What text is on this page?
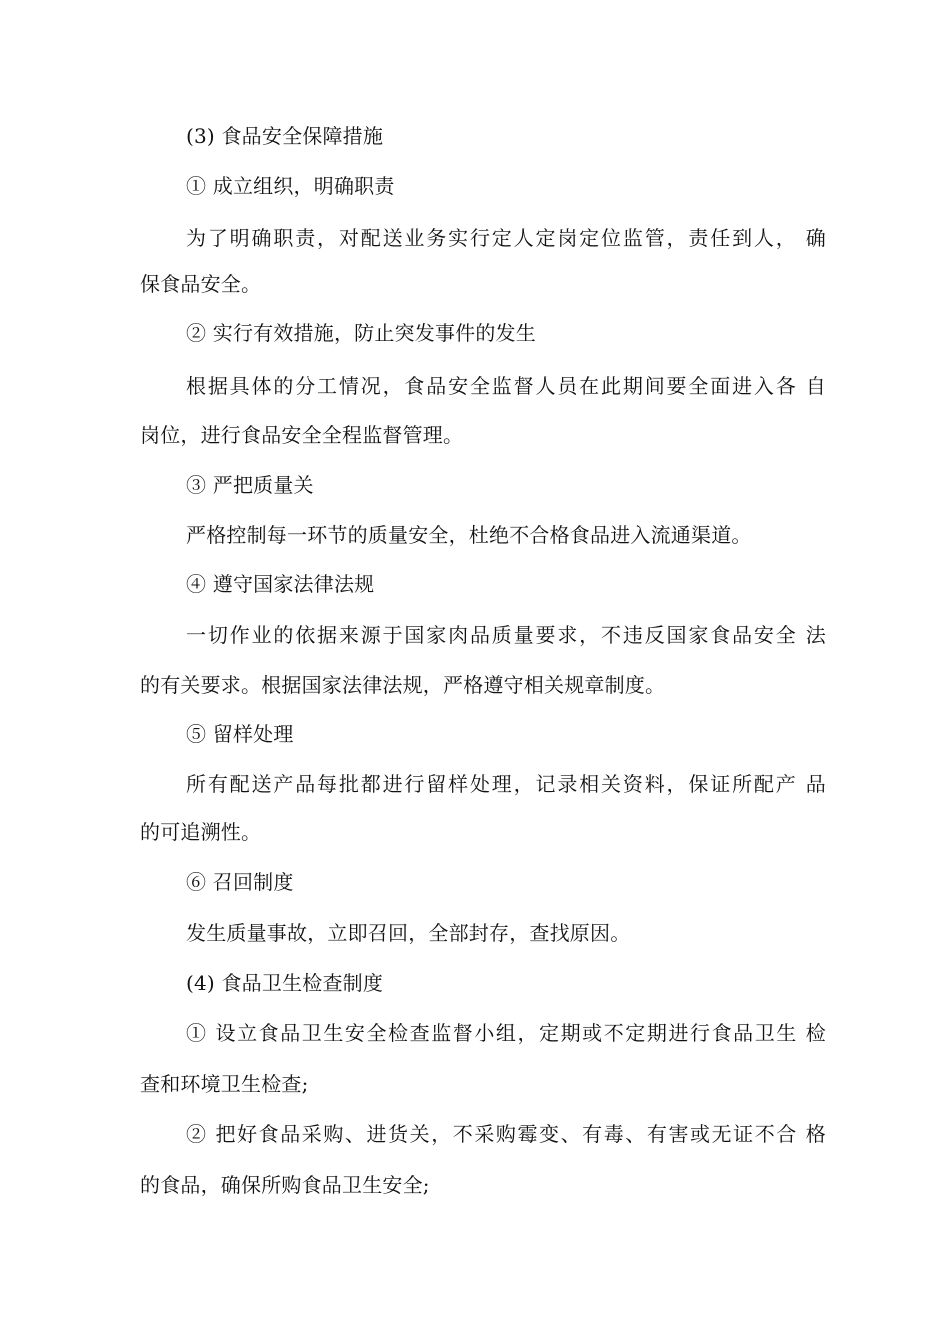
(3) 食品安全保障措施
① 成立组织，明确职责
为了明确职责，对配送业务实行定人定岗定位监管，责任到人， 确
保食品安全。
② 实行有效措施，防止突发事件的发生
根据具体的分工情况，食品安全监督人员在此期间要全面进入各 自
岗位，进行食品安全全程监督管理。
③ 严把质量关
严格控制每一环节的质量安全，杜绝不合格食品进入流通渠道。
④ 遵守国家法律法规
一切作业的依据来源于国家肉品质量要求，不违反国家食品安全 法
的有关要求。根据国家法律法规，严格遵守相关规章制度。
⑤ 留样处理
所有配送产品每批都进行留样处理，记录相关资料，保证所配产 品
的可追溯性。
⑥ 召回制度
发生质量事故，立即召回，全部封存，查找原因。
(4) 食品卫生检查制度
① 设立食品卫生安全检查监督小组，定期或不定期进行食品卫生 检
查和环境卫生检查;
② 把好食品采购、进货关，不采购霉变、有毒、有害或无证不合 格
的食品，确保所购食品卫生安全;
